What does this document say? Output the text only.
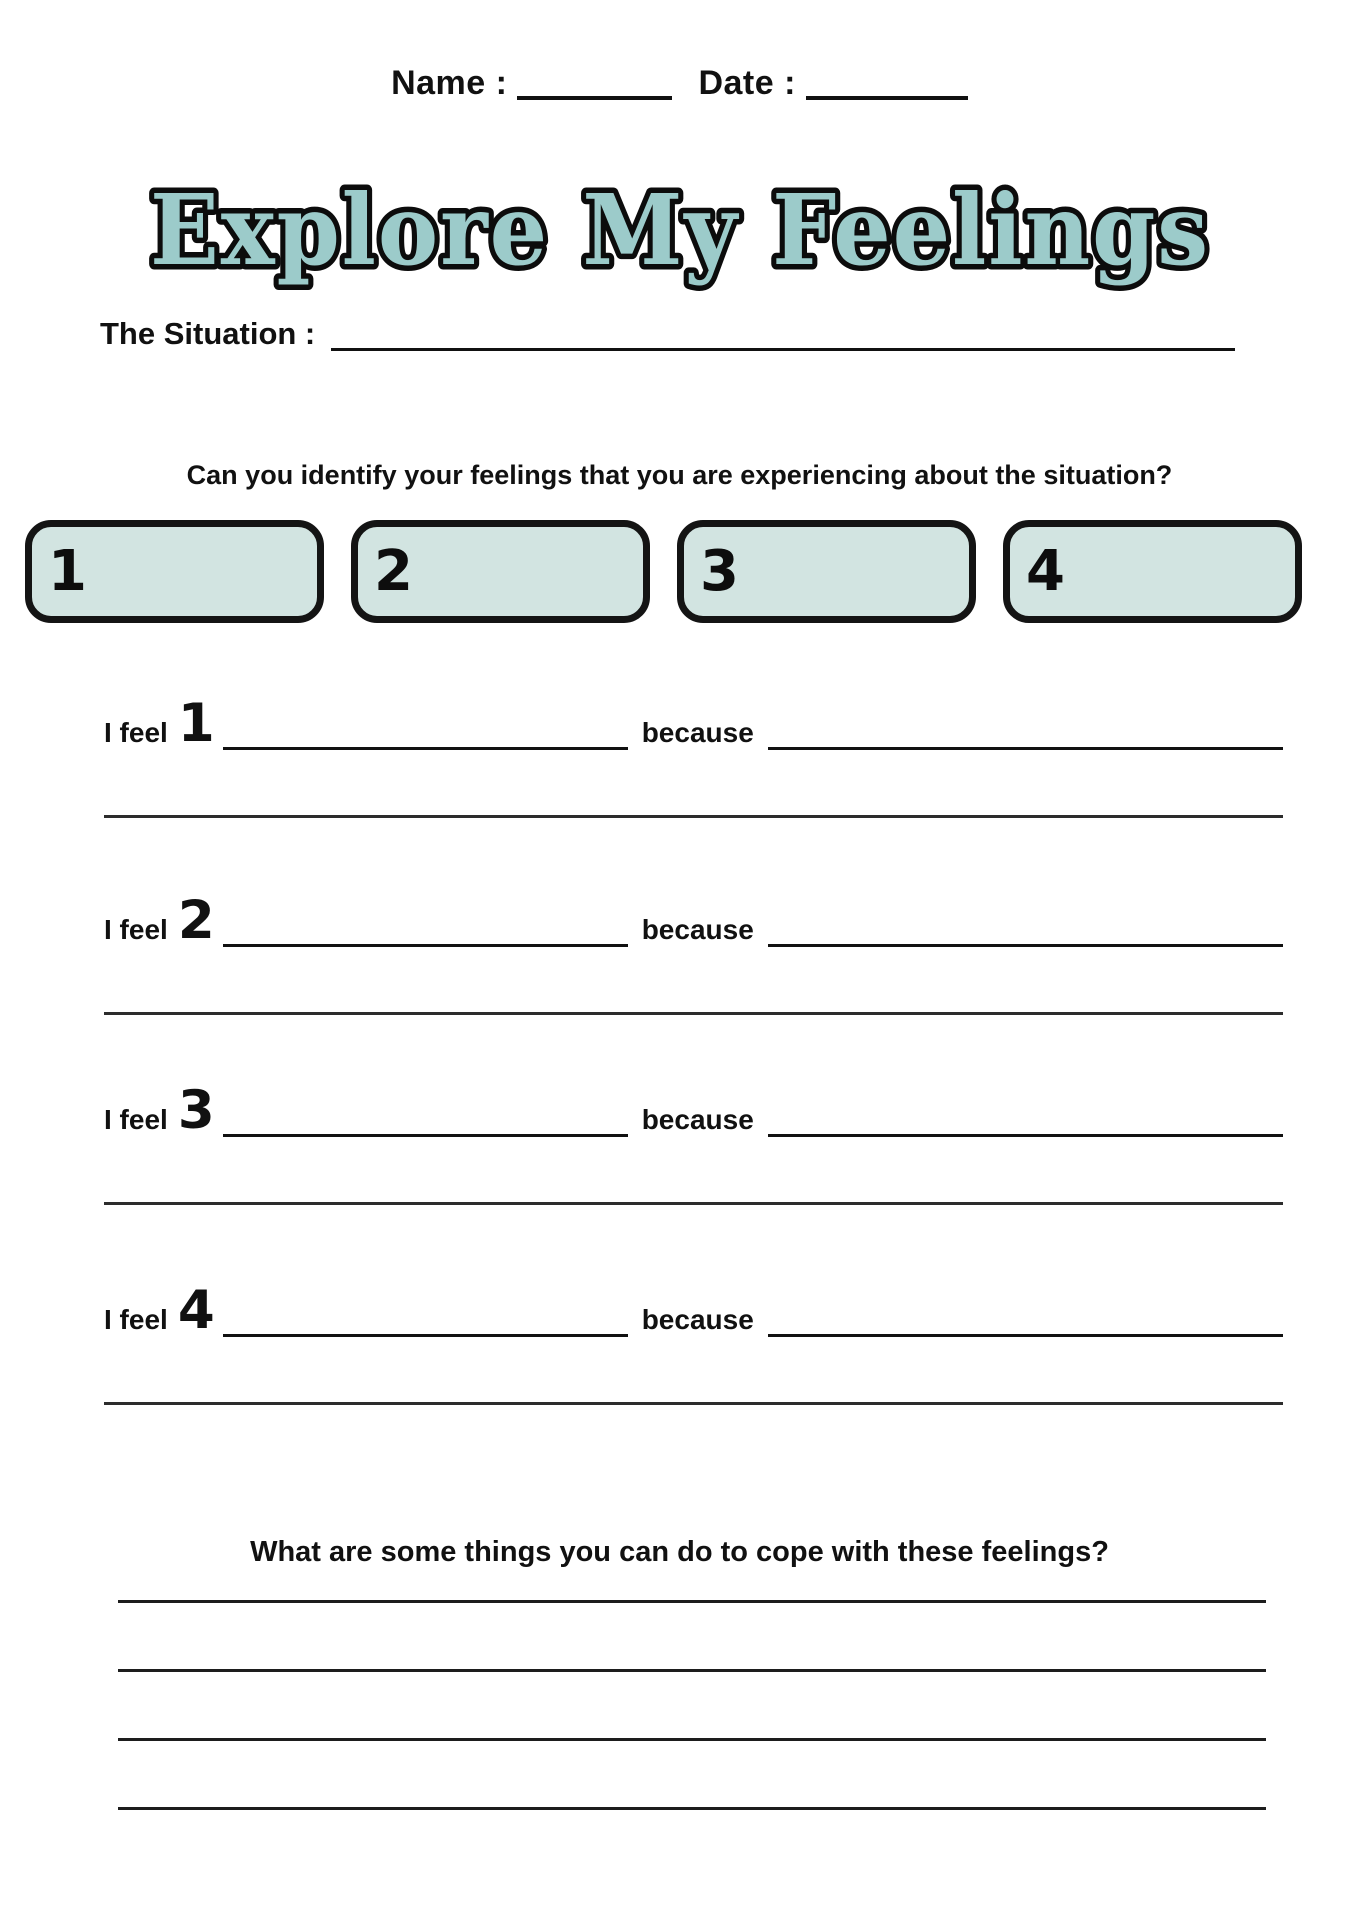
Name :	Date :
Explore My Feelings
The Situation :
Can you identify your feelings that you are experiencing about the situation?
1	2	3	4
I feel 1	because
I feel 2	because
I feel 3	because
I feel 4	because
What are some things you can do to cope with these feelings?
